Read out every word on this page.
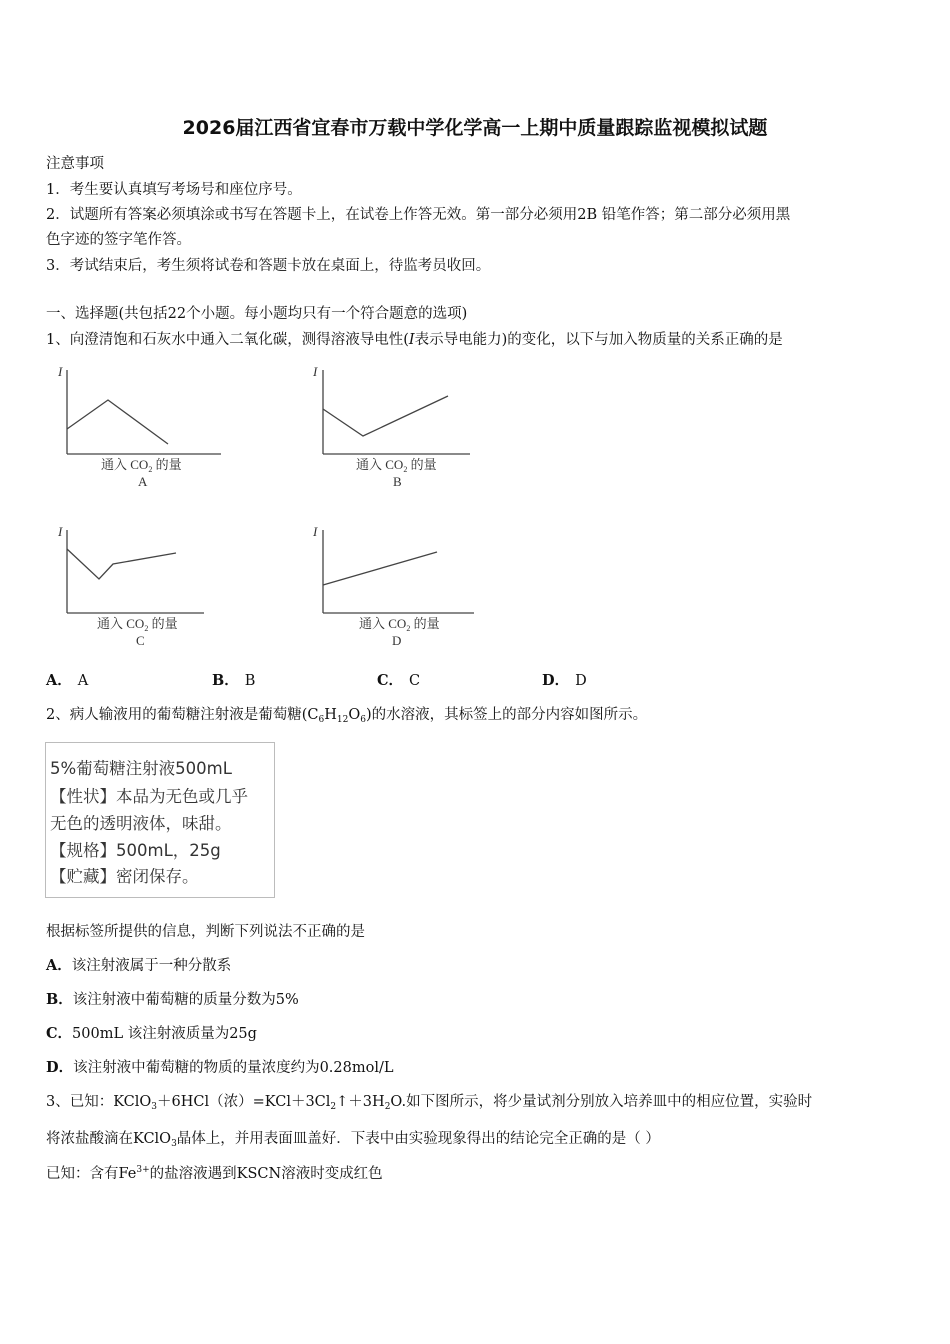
2026届江西省宜春市万载中学化学高一上期中质量跟踪监视模拟试题
注意事项
1．考生要认真填写考场号和座位序号。
2．试题所有答案必须填涂或书写在答题卡上，在试卷上作答无效。第一部分必须用2B 铅笔作答；第二部分必须用黑
色字迹的签字笔作答。
3．考试结束后，考生须将试卷和答题卡放在桌面上，待监考员收回。
一、选择题(共包括22个小题。每小题均只有一个符合题意的选项)
1、向澄清饱和石灰水中通入二氧化碳，测得溶液导电性(I表示导电能力)的变化，以下与加入物质量的关系正确的是
I
通入 $CO_2$ 的量
A
I
通入 $CO_2$ 的量
B
I
通入 $CO_2$ 的量
C
I
通入 $CO_2$ 的量
D
A． A	B． B	C． C	D． D
2、病人输液用的葡萄糖注射液是葡萄糖$(C_6H_{12}O_6)$的水溶液，其标签上的部分内容如图所示。
5%葡萄糖注射液500mL
【性状】本品为无色或几乎
无色的透明液体，味甜。
【规格】500mL，25g
【贮藏】密闭保存。
根据标签所提供的信息，判断下列说法不正确的是
A．该注射液属于一种分散系
B．该注射液中葡萄糖的质量分数为5%
C．500mL 该注射液质量为25g
D．该注射液中葡萄糖的物质的量浓度约为0.28mol/L
3、已知：KClO$_3$＋6HCl（浓）$=KCl+3Cl_2↑+3H_2O$.如下图所示，将少量试剂分别放入培养皿中的相应位置，实验时
将浓盐酸滴在KClO$_3$晶体上，并用表面皿盖好．下表中由实验现象得出的结论完全正确的是（ ）
已知：含有$Fe^{3+}$的盐溶液遇到KSCN溶液时变成红色
